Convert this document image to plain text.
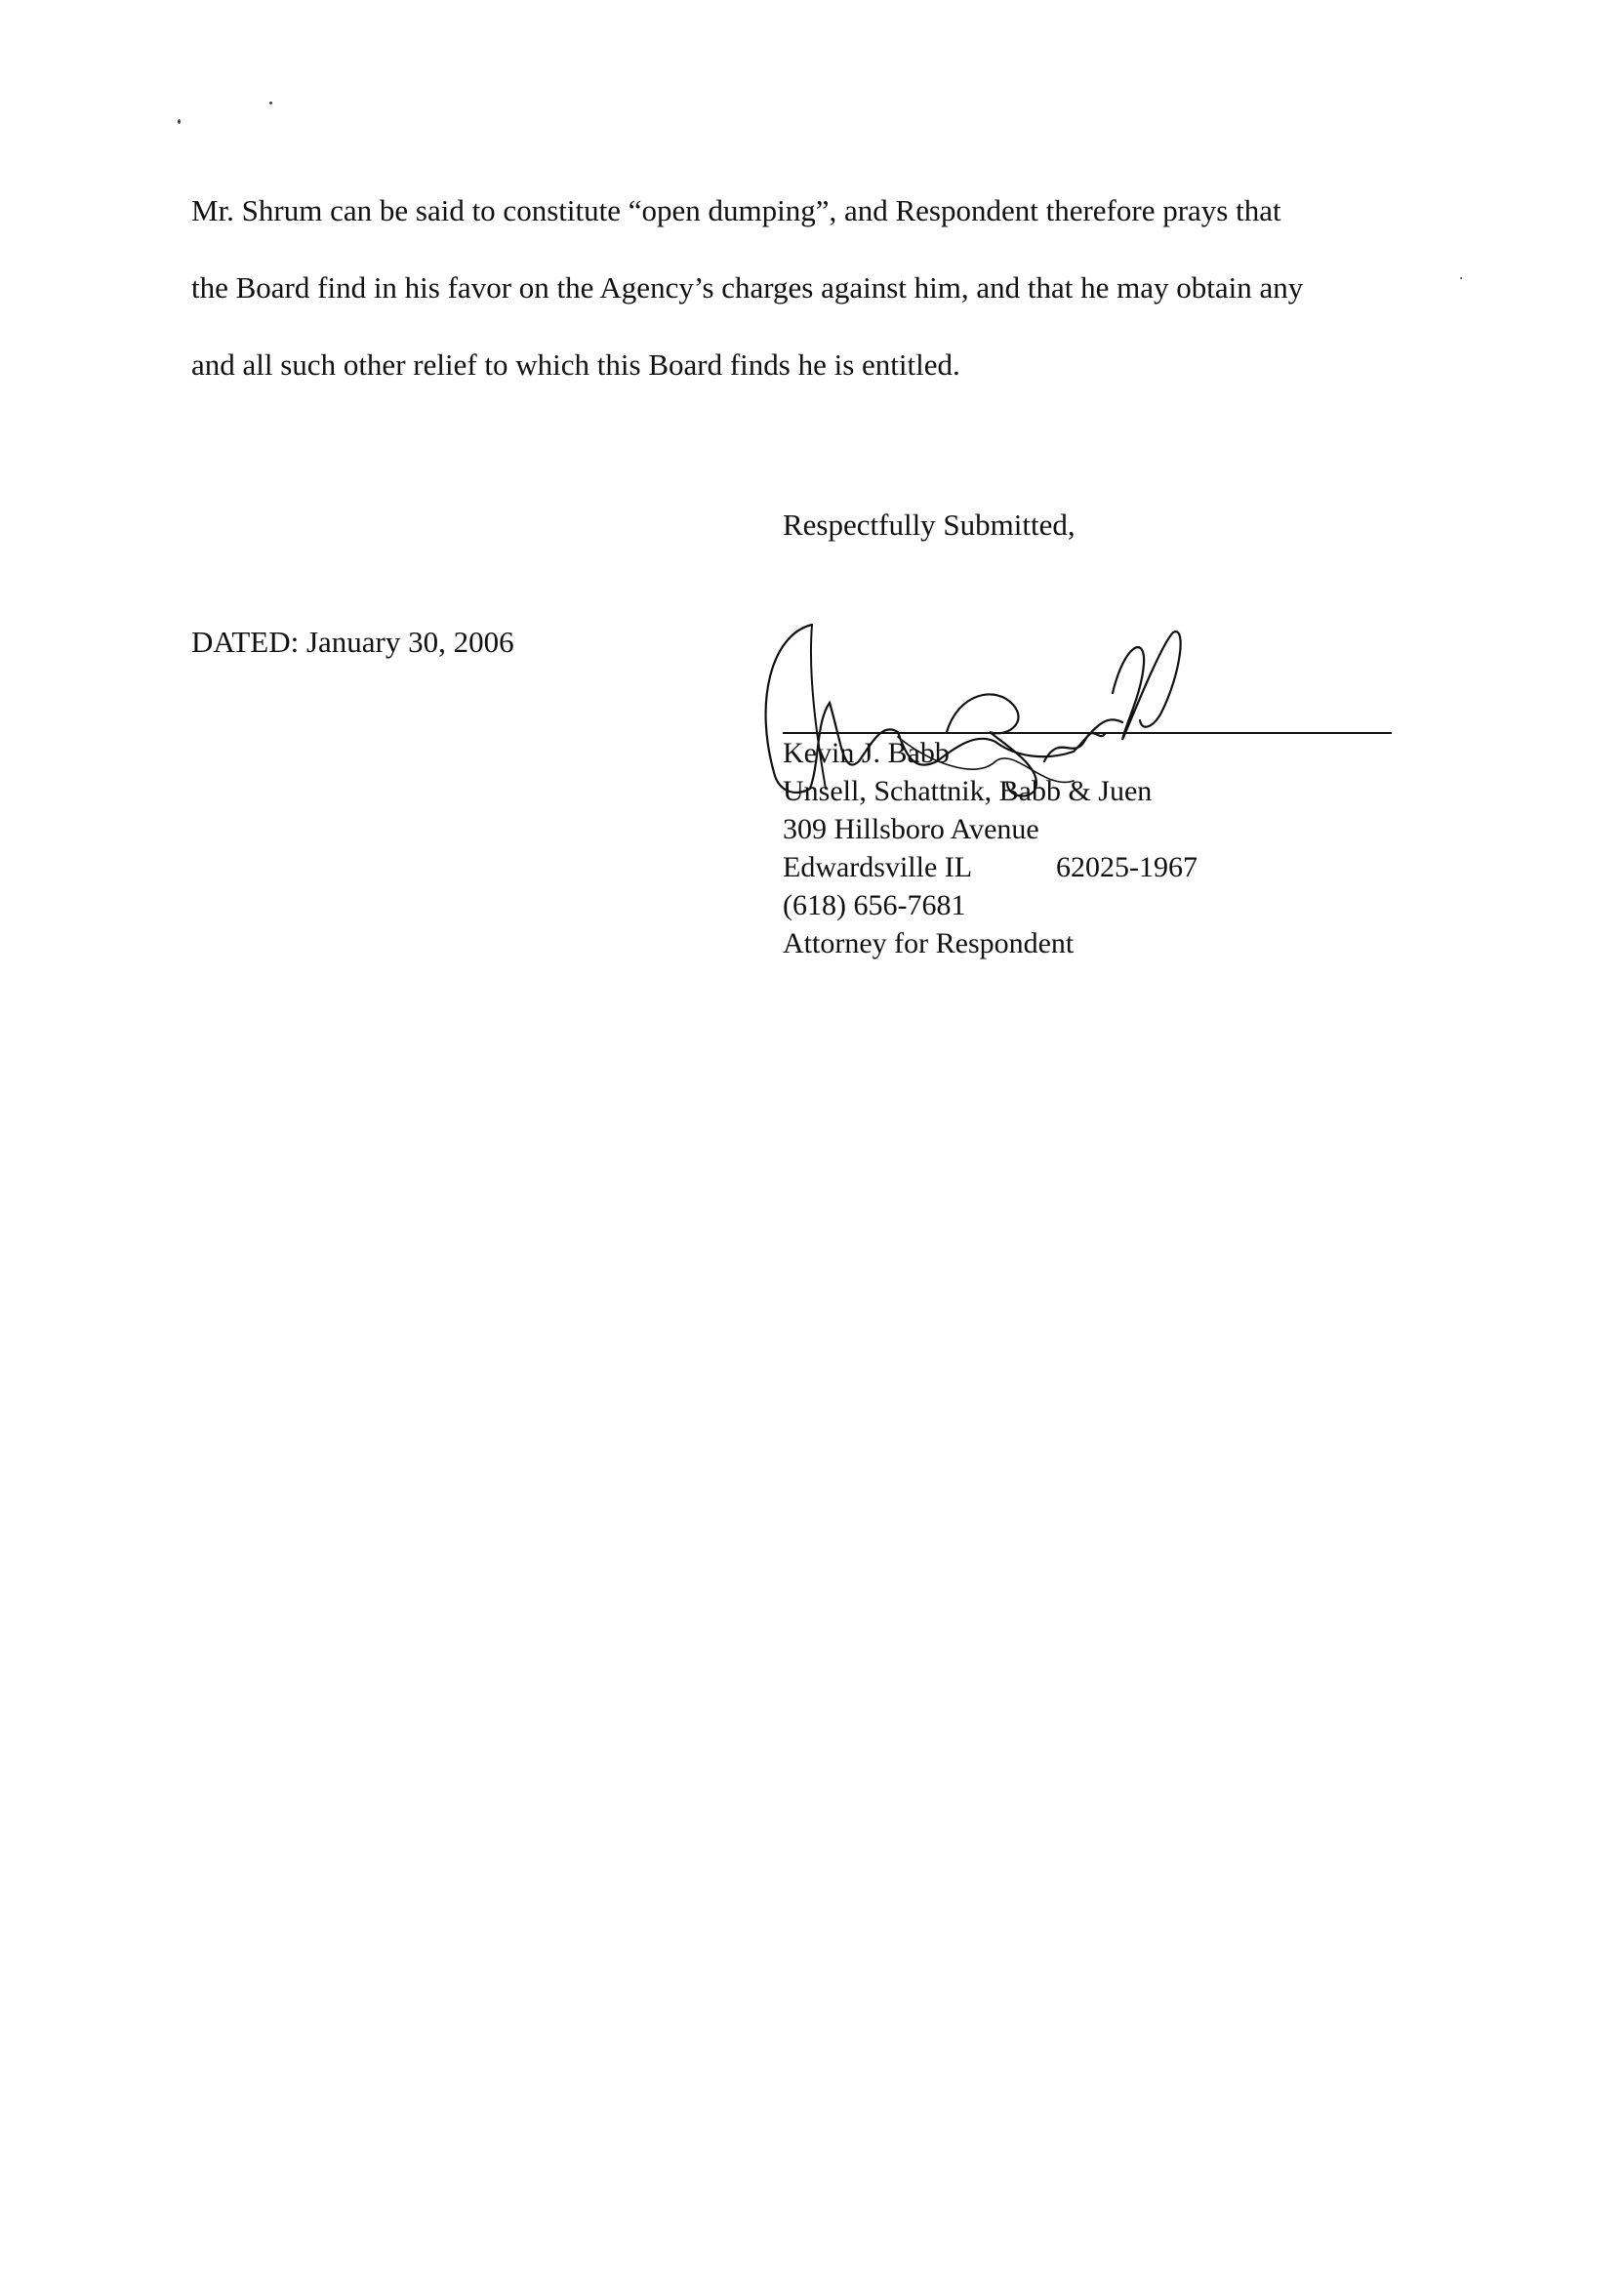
Mr. Shrum can be said to constitute “open dumping”, and Respondent therefore prays that
the Board find in his favor on the Agency’s charges against him, and that he may obtain any
and all such other relief to which this Board finds he is entitled.
Respectfully Submitted,
DATED: January 30, 2006
Kevin J. Babb
Unsell, Schattnik, Babb & Juen
309 Hillsboro Avenue
Edwardsville IL	62025-1967
(618) 656-7681
Attorney for Respondent
